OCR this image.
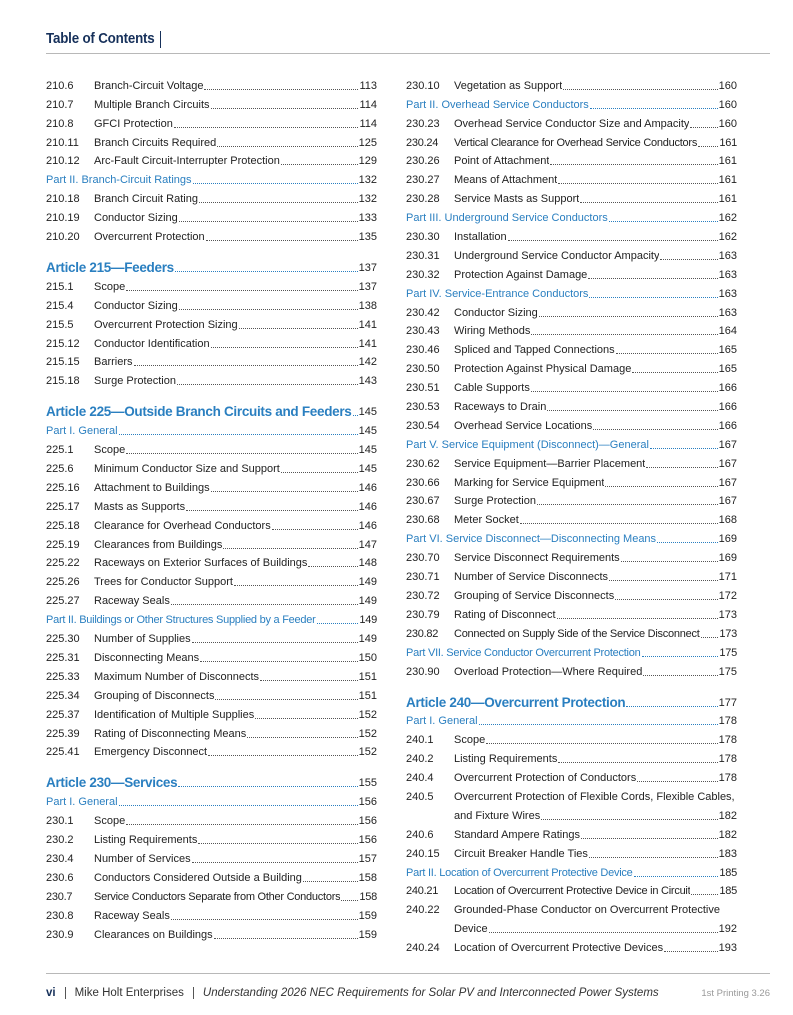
Table of Contents
210.6	Branch-Circuit Voltage	113
210.7	Multiple Branch Circuits	114
210.8	GFCI Protection	114
210.11	Branch Circuits Required	125
210.12	Arc-Fault Circuit-Interrupter Protection	129
Part II. Branch-Circuit Ratings	132
210.18	Branch Circuit Rating	132
210.19	Conductor Sizing	133
210.20	Overcurrent Protection	135
Article 215—Feeders	137
215.1	Scope	137
215.4	Conductor Sizing	138
215.5	Overcurrent Protection Sizing	141
215.12	Conductor Identification	141
215.15	Barriers	142
215.18	Surge Protection	143
Article 225—Outside Branch Circuits and Feeders 145
Part I. General	145
225.1	Scope	145
225.6	Minimum Conductor Size and Support	145
225.16	Attachment to Buildings	146
225.17	Masts as Supports	146
225.18	Clearance for Overhead Conductors	146
225.19	Clearances from Buildings	147
225.22	Raceways on Exterior Surfaces of Buildings	148
225.26	Trees for Conductor Support	149
225.27	Raceway Seals	149
Part II. Buildings or Other Structures Supplied by a Feeder	149
225.30	Number of Supplies	149
225.31	Disconnecting Means	150
225.33	Maximum Number of Disconnects	151
225.34	Grouping of Disconnects	151
225.37	Identification of Multiple Supplies	152
225.39	Rating of Disconnecting Means	152
225.41	Emergency Disconnect	152
Article 230—Services	155
Part I. General	156
230.1	Scope	156
230.2	Listing Requirements	156
230.4	Number of Services	157
230.6	Conductors Considered Outside a Building	158
230.7	Service Conductors Separate from Other Conductors 158
230.8	Raceway Seals	159
230.9	Clearances on Buildings	159
230.10	Vegetation as Support	160
Part II. Overhead Service Conductors	160
230.23	Overhead Service Conductor Size and Ampacity	160
230.24	Vertical Clearance for Overhead Service Conductors 161
230.26	Point of Attachment	161
230.27	Means of Attachment	161
230.28	Service Masts as Support	161
Part III. Underground Service Conductors	162
230.30	Installation	162
230.31	Underground Service Conductor Ampacity	163
230.32	Protection Against Damage	163
Part IV. Service-Entrance Conductors	163
230.42	Conductor Sizing	163
230.43	Wiring Methods	164
230.46	Spliced and Tapped Connections	165
230.50	Protection Against Physical Damage	165
230.51	Cable Supports	166
230.53	Raceways to Drain	166
230.54	Overhead Service Locations	166
Part V. Service Equipment (Disconnect)—General	167
230.62	Service Equipment—Barrier Placement	167
230.66	Marking for Service Equipment	167
230.67	Surge Protection	167
230.68	Meter Socket	168
Part VI. Service Disconnect—Disconnecting Means	169
230.70	Service Disconnect Requirements	169
230.71	Number of Service Disconnects	171
230.72	Grouping of Service Disconnects	172
230.79	Rating of Disconnect	173
230.82	Connected on Supply Side of the Service Disconnect 173
Part VII. Service Conductor Overcurrent Protection	175
230.90	Overload Protection—Where Required	175
Article 240—Overcurrent Protection	177
Part I. General	178
240.1	Scope	178
240.2	Listing Requirements	178
240.4	Overcurrent Protection of Conductors	178
240.5	Overcurrent Protection of Flexible Cords, Flexible Cables,
and Fixture Wires	182
240.6	Standard Ampere Ratings	182
240.15	Circuit Breaker Handle Ties	183
Part II. Location of Overcurrent Protective Device	185
240.21	Location of Overcurrent Protective Device in Circuit	185
240.22	Grounded-Phase Conductor on Overcurrent Protective
Device	192
240.24	Location of Overcurrent Protective Devices	193
vi Mike Holt Enterprises Understanding 2026 NEC Requirements for Solar PV and Interconnected Power Systems	1st Printing 3.26
